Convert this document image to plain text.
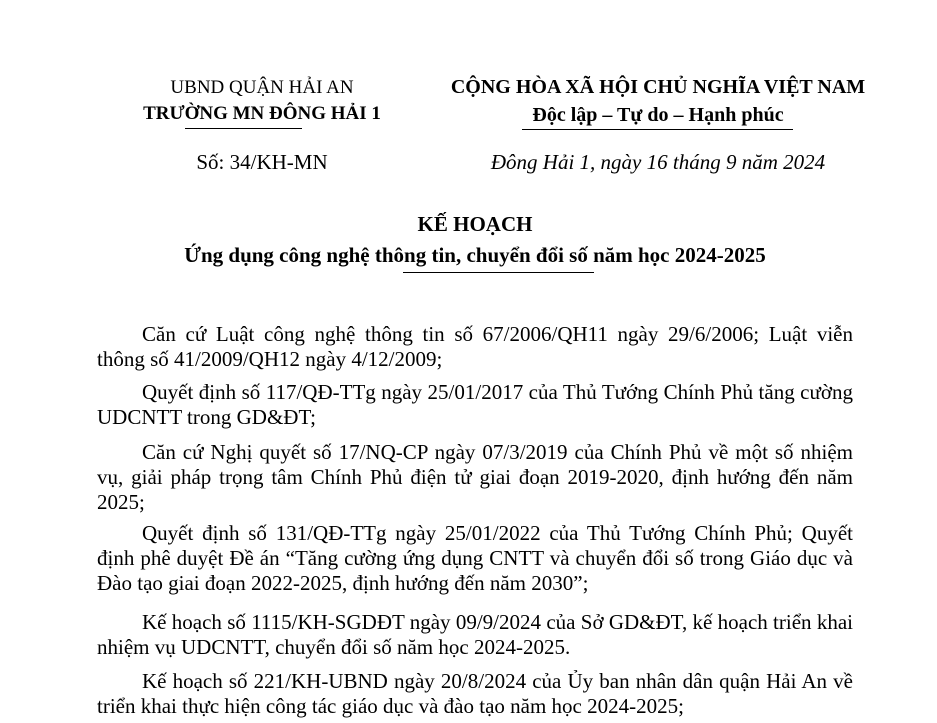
UBND QUẬN HẢI AN
TRƯỜNG MN ĐÔNG HẢI 1
Số: 34/KH-MN
CỘNG HÒA XÃ HỘI CHỦ NGHĨA VIỆT NAM
Độc lập – Tự do – Hạnh phúc
Đông Hải 1, ngày 16 tháng 9 năm 2024
KẾ HOẠCH
Ứng dụng công nghệ thông tin, chuyển đổi số năm học 2024-2025
Căn cứ Luật công nghệ thông tin số 67/2006/QH11 ngày 29/6/2006; Luật viễn thông số 41/2009/QH12 ngày 4/12/2009;
Quyết định số 117/QĐ-TTg ngày 25/01/2017 của Thủ Tướng Chính Phủ tăng cường UDCNTT trong GD&ĐT;
Căn cứ Nghị quyết số 17/NQ-CP ngày 07/3/2019 của Chính Phủ về một số nhiệm vụ, giải pháp trọng tâm Chính Phủ điện tử giai đoạn 2019-2020, định hướng đến năm 2025;
Quyết định số 131/QĐ-TTg ngày 25/01/2022 của Thủ Tướng Chính Phủ; Quyết định phê duyệt Đề án “Tăng cường ứng dụng CNTT và chuyển đổi số trong Giáo dục và Đào tạo giai đoạn 2022-2025, định hướng đến năm 2030”;
Kế hoạch số 1115/KH-SGDĐT ngày 09/9/2024 của Sở GD&ĐT, kế hoạch triển khai nhiệm vụ UDCNTT, chuyển đổi số năm học 2024-2025.
Kế hoạch số 221/KH-UBND ngày 20/8/2024 của Ủy ban nhân dân quận Hải An về triển khai thực hiện công tác giáo dục và đào tạo năm học 2024-2025;
